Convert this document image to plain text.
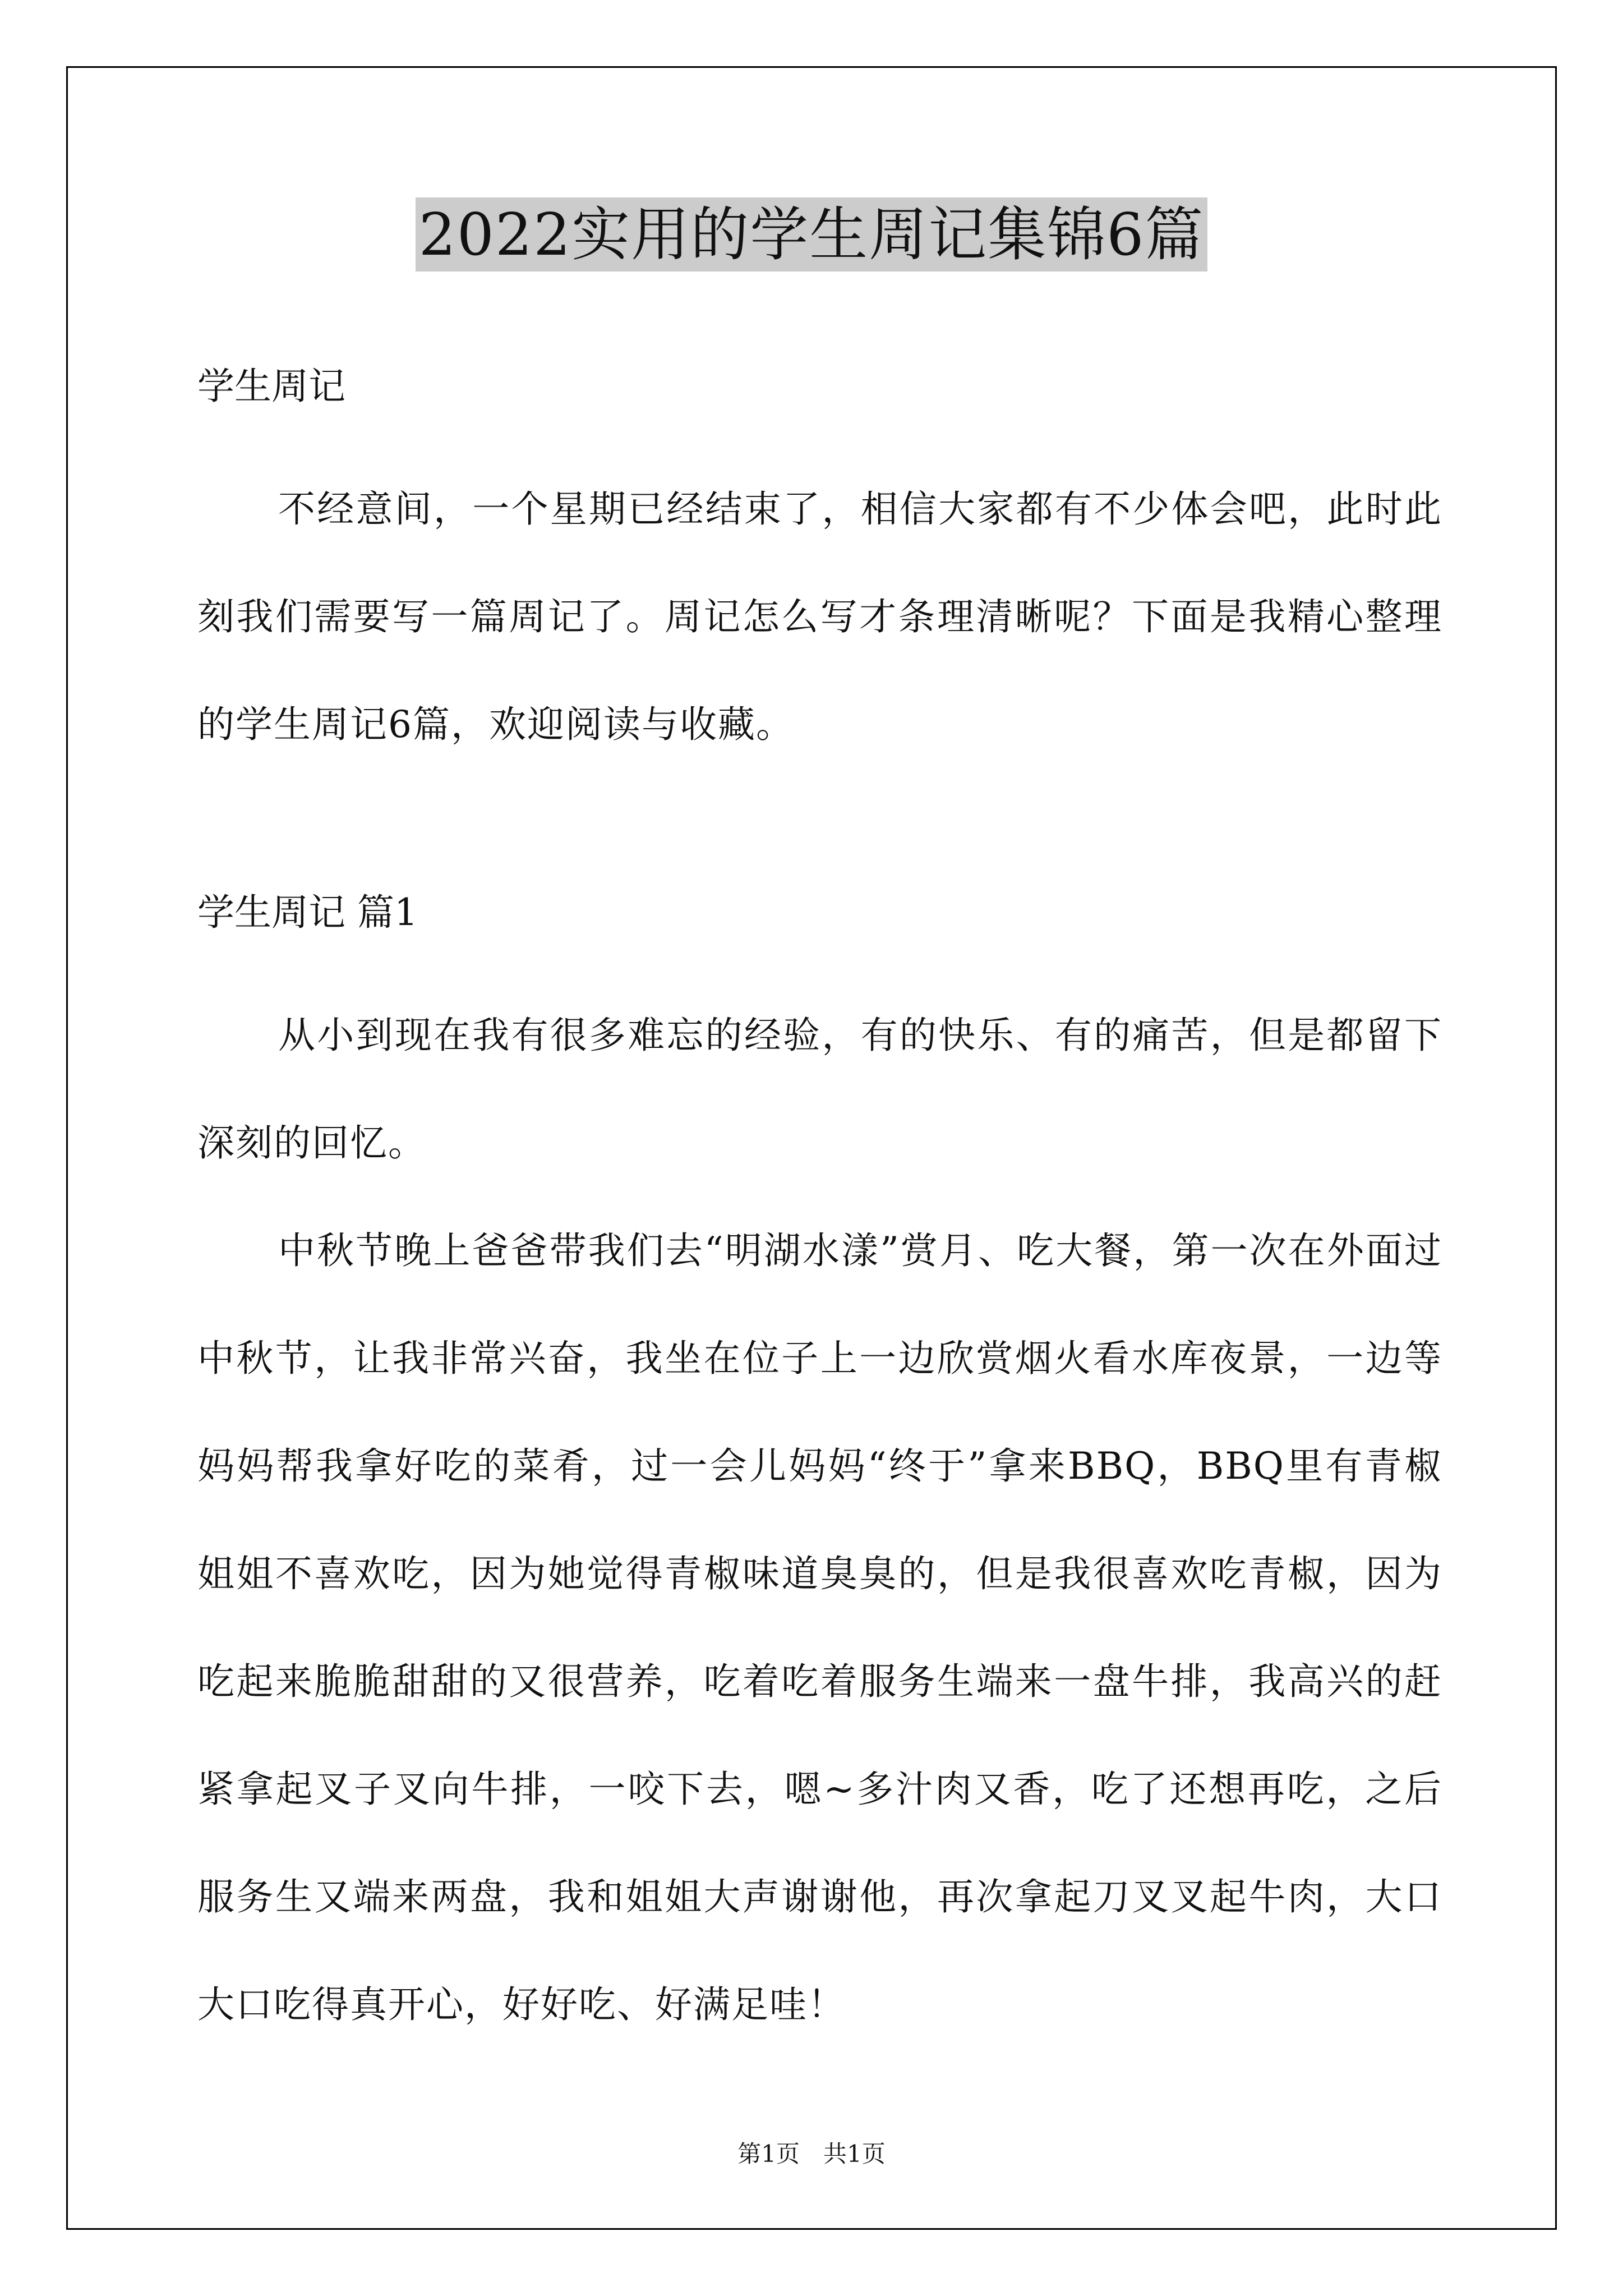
2022实用的学生周记集锦6篇

学生周记

不经意间，一个星期已经结束了，相信大家都有不少体会吧，此时此刻我们需要写一篇周记了。周记怎么写才条理清晰呢？下面是我精心整理的学生周记6篇，欢迎阅读与收藏。

学生周记 篇1

从小到现在我有很多难忘的经验，有的快乐、有的痛苦，但是都留下深刻的回忆。

中秋节晚上爸爸带我们去“明湖水漾”赏月、吃大餐，第一次在外面过中秋节，让我非常兴奋，我坐在位子上一边欣赏烟火看水库夜景，一边等妈妈帮我拿好吃的菜肴，过一会儿妈妈“终于”拿来BBQ，BBQ里有青椒姐姐不喜欢吃，因为她觉得青椒味道臭臭的，但是我很喜欢吃青椒，因为吃起来脆脆甜甜的又很营养，吃着吃着服务生端来一盘牛排，我高兴的赶紧拿起叉子叉向牛排，一咬下去，嗯~多汁肉又香，吃了还想再吃，之后服务生又端来两盘，我和姐姐大声谢谢他，再次拿起刀叉叉起牛肉，大口大口吃得真开心，好好吃、好满足哇！

第1页　共1页
